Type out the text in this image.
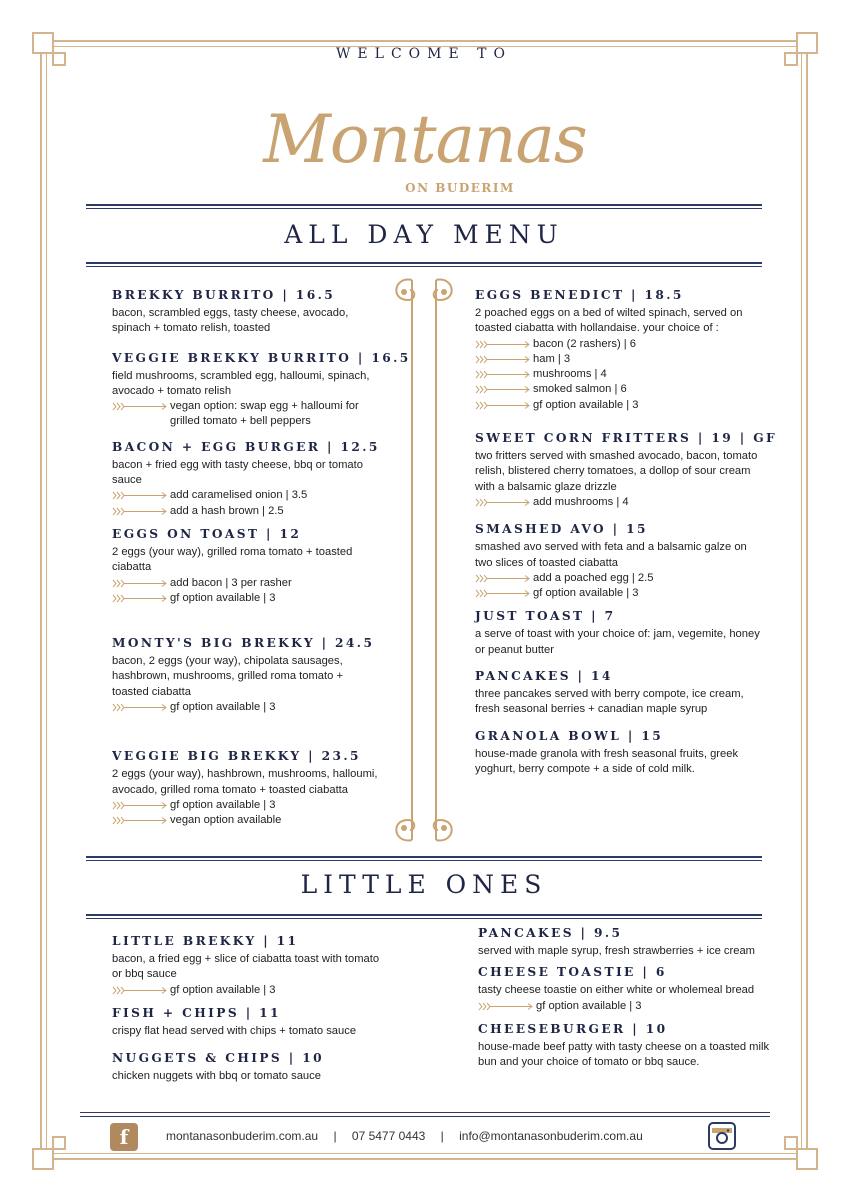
WELCOME TO
Montanas
ON BUDERIM
ALL DAY MENU
BREKKY BURRITO | 16.5
bacon, scrambled eggs, tasty cheese, avocado, spinach + tomato relish, toasted
VEGGIE BREKKY BURRITO | 16.5
field mushrooms, scrambled egg, halloumi, spinach, avocado + tomato relish
vegan option: swap egg + halloumi for grilled tomato + bell peppers
BACON + EGG BURGER | 12.5
bacon + fried egg with tasty cheese, bbq or tomato sauce
add caramelised onion | 3.5
add a hash brown | 2.5
EGGS ON TOAST | 12
2 eggs (your way), grilled roma tomato + toasted ciabatta
add bacon | 3 per rasher
gf option available | 3
MONTY'S BIG BREKKY | 24.5
bacon, 2 eggs (your way), chipolata sausages, hashbrown, mushrooms, grilled roma tomato + toasted ciabatta
gf option available | 3
VEGGIE BIG BREKKY | 23.5
2 eggs (your way), hashbrown, mushrooms, halloumi, avocado, grilled roma tomato + toasted ciabatta
gf option available | 3
vegan option available
EGGS BENEDICT | 18.5
2 poached eggs on a bed of wilted spinach, served on toasted ciabatta with hollandaise. your choice of :
bacon (2 rashers) | 6
ham | 3
mushrooms | 4
smoked salmon | 6
gf option available | 3
SWEET CORN FRITTERS | 19 | GF
two fritters served with smashed avocado, bacon, tomato relish, blistered cherry tomatoes, a dollop of sour cream with a balsamic glaze drizzle
add mushrooms | 4
SMASHED AVO | 15
smashed avo served with feta and a balsamic galze on two slices of toasted ciabatta
add a poached egg | 2.5
gf option available | 3
JUST TOAST | 7
a serve of toast with your choice of: jam, vegemite, honey or peanut butter
PANCAKES | 14
three pancakes served with berry compote, ice cream, fresh seasonal berries + canadian maple syrup
GRANOLA BOWL | 15
house-made granola with fresh seasonal fruits, greek yoghurt, berry compote + a side of cold milk.
LITTLE ONES
LITTLE BREKKY | 11
bacon, a fried egg + slice of ciabatta toast with tomato or bbq sauce
gf option available | 3
FISH + CHIPS | 11
crispy flat head served with chips + tomato sauce
NUGGETS & CHIPS | 10
chicken nuggets with bbq or tomato sauce
PANCAKES | 9.5
served with maple syrup, fresh strawberries + ice cream
CHEESE TOASTIE | 6
tasty cheese toastie on either white or wholemeal bread
gf option available | 3
CHEESEBURGER | 10
house-made beef patty with tasty cheese on a toasted milk bun and your choice of tomato or bbq sauce.
f	montanasonbuderim.com.au | 07 5477 0443 | info@montanasonbuderim.com.au
